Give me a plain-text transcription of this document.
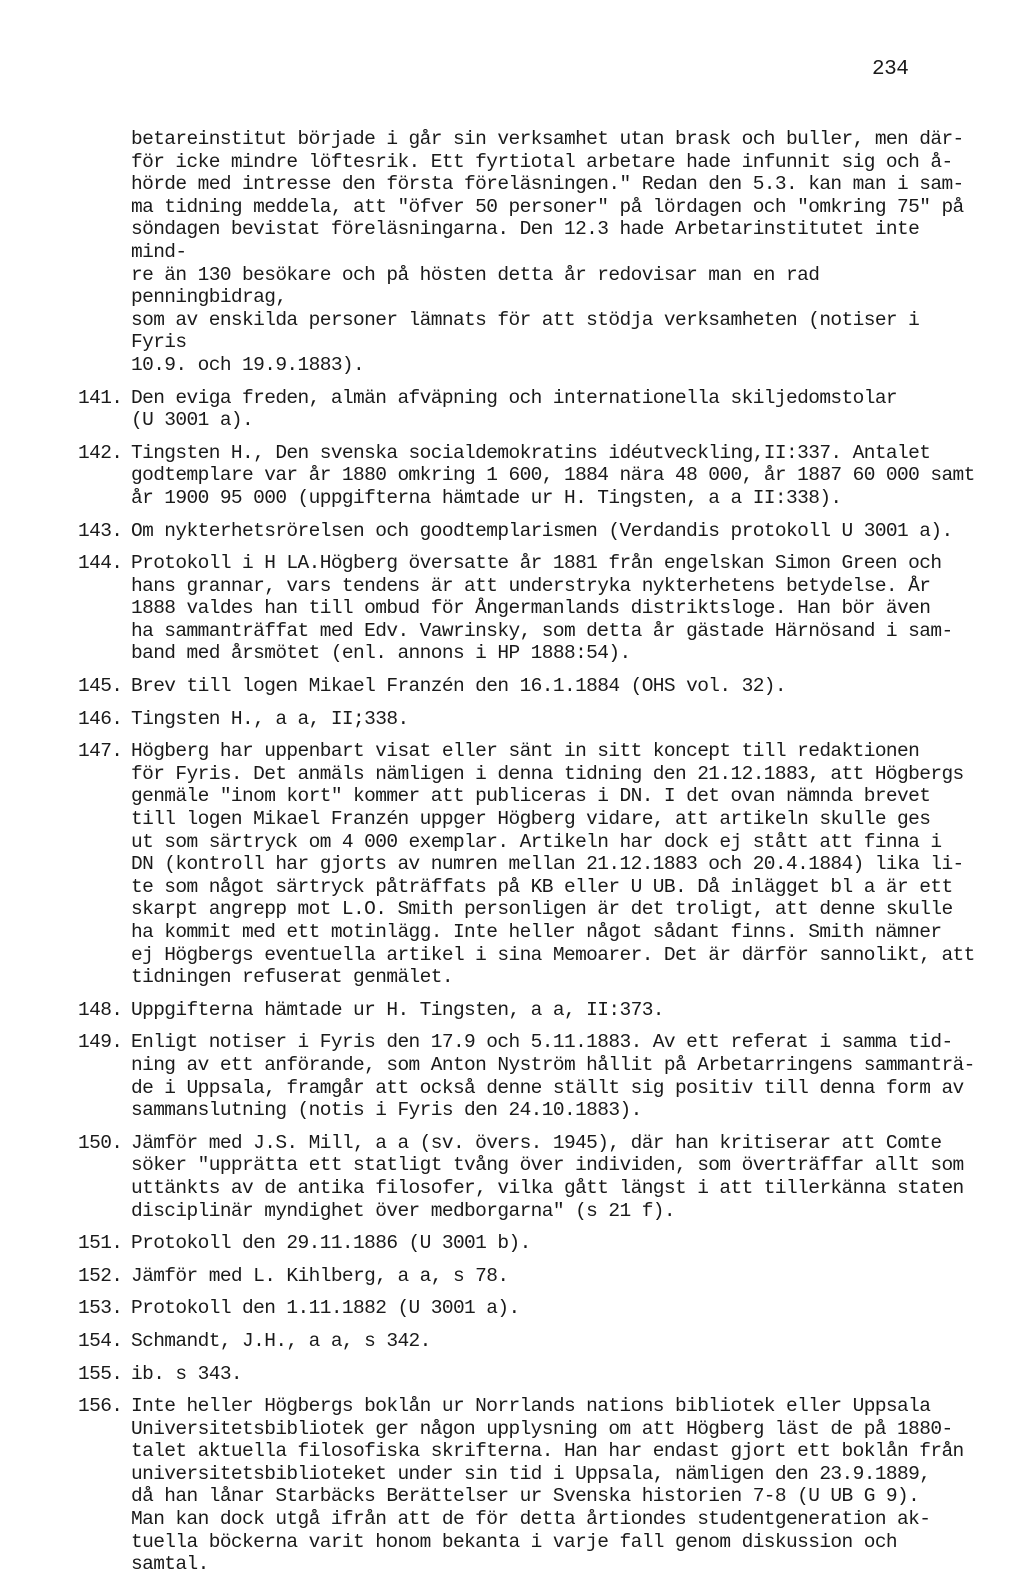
234
betareinstitut började i går sin verksamhet utan brask och buller, men där-
för icke mindre löftesrik. Ett fyrtiotal arbetare hade infunnit sig och å-
hörde med intresse den första föreläsningen." Redan den 5.3. kan man i sam-
ma tidning meddela, att "öfver 50 personer" på lördagen och "omkring 75" på
söndagen bevistat föreläsningarna. Den 12.3 hade Arbetarinstitutet inte mind-
re än 130 besökare och på hösten detta år redovisar man en rad penningbidrag,
som av enskilda personer lämnats för att stödja verksamheten (notiser i Fyris
10.9. och 19.9.1883).
141. Den eviga freden, almän afväpning och internationella skiljedomstolar
(U 3001 a).
142. Tingsten H., Den svenska socialdemokratins idéutveckling,II:337. Antalet
godtemplare var år 1880 omkring 1 600, 1884 nära 48 000, år 1887 60 000 samt
år 1900 95 000 (uppgifterna hämtade ur H. Tingsten, a a II:338).
143. Om nykterhetsrörelsen och goodtemplarismen (Verdandis protokoll U 3001 a).
144. Protokoll i H LA.Högberg översatte år 1881 från engelskan Simon Green och
hans grannar, vars tendens är att understryka nykterhetens betydelse. År
1888 valdes han till ombud för Ångermanlands distriktsloge. Han bör även
ha sammanträffat med Edv. Vawrinsky, som detta år gästade Härnösand i sam-
band med årsmötet (enl. annons i HP 1888:54).
145. Brev till logen Mikael Franzén den 16.1.1884 (OHS vol. 32).
146. Tingsten H., a a, II;338.
147. Högberg har uppenbart visat eller sänt in sitt koncept till redaktionen
för Fyris. Det anmäls nämligen i denna tidning den 21.12.1883, att Högbergs
genmäle "inom kort" kommer att publiceras i DN. I det ovan nämnda brevet
till logen Mikael Franzén uppger Högberg vidare, att artikeln skulle ges
ut som särtryck om 4 000 exemplar. Artikeln har dock ej stått att finna i
DN (kontroll har gjorts av numren mellan 21.12.1883 och 20.4.1884) lika li-
te som något särtryck påträffats på KB eller U UB. Då inlägget bl a är ett
skarpt angrepp mot L.O. Smith personligen är det troligt, att denne skulle
ha kommit med ett motinlägg. Inte heller något sådant finns. Smith nämner
ej Högbergs eventuella artikel i sina Memoarer. Det är därför sannolikt, att
tidningen refuserat genmälet.
148. Uppgifterna hämtade ur H. Tingsten, a a, II:373.
149. Enligt notiser i Fyris den 17.9 och 5.11.1883. Av ett referat i samma tid-
ning av ett anförande, som Anton Nyström hållit på Arbetarringens sammanträ-
de i Uppsala, framgår att också denne ställt sig positiv till denna form av
sammanslutning (notis i Fyris den 24.10.1883).
150. Jämför med J.S. Mill, a a (sv. övers. 1945), där han kritiserar att Comte
söker "upprätta ett statligt tvång över individen, som överträffar allt som
uttänkts av de antika filosofer, vilka gått längst i att tillerkänna staten
disciplinär myndighet över medborgarna" (s 21 f).
151. Protokoll den 29.11.1886 (U 3001 b).
152. Jämför med L. Kihlberg, a a, s 78.
153. Protokoll den 1.11.1882 (U 3001 a).
154. Schmandt, J.H., a a, s 342.
155. ib. s 343.
156. Inte heller Högbergs boklån ur Norrlands nations bibliotek eller Uppsala
Universitetsbibliotek ger någon upplysning om att Högberg läst de på 1880-
talet aktuella filosofiska skrifterna. Han har endast gjort ett boklån från
universitetsbiblioteket under sin tid i Uppsala, nämligen den 23.9.1889,
då han lånar Starbäcks Berättelser ur Svenska historien 7-8 (U UB G 9).
Man kan dock utgå ifrån att de för detta årtiondes studentgeneration ak-
tuella böckerna varit honom bekanta i varje fall genom diskussion och samtal.
